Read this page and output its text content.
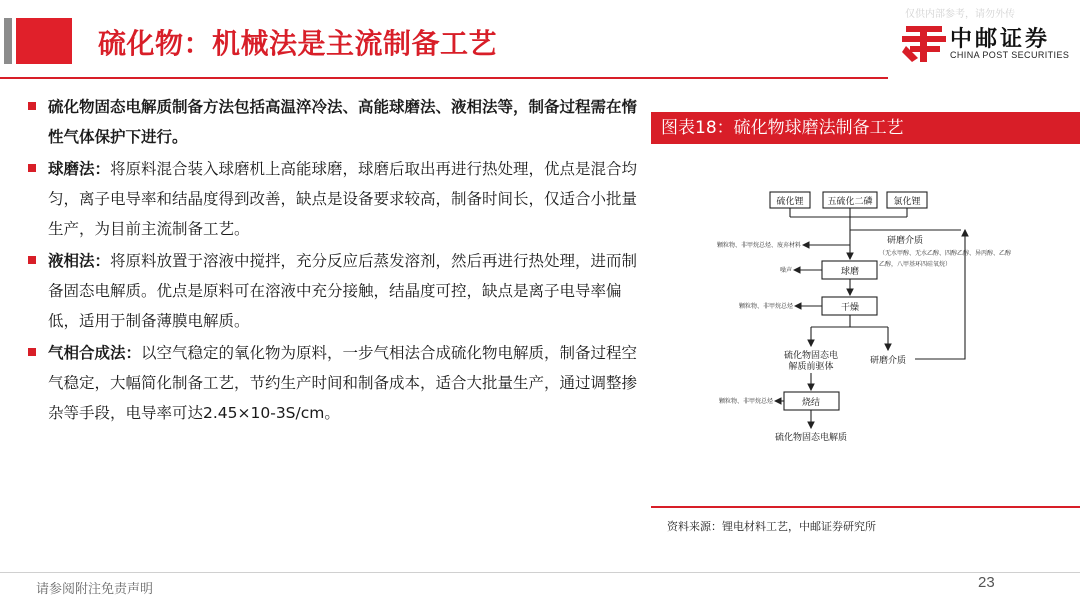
硫化物：机械法是主流制备工艺
仅供内部参考，请勿外传
中邮证券
CHINA POST SECURITIES
硫化物固态电解质制备方法包括高温淬冷法、高能球磨法、液相法等，制备过程需在惰性气体保护下进行。
球磨法：将原料混合装入球磨机上高能球磨，球磨后取出再进行热处理，优点是混合均匀，离子电导率和结晶度得到改善，缺点是设备要求较高，制备时间长，仅适合小批量生产，为目前主流制备工艺。
液相法：将原料放置于溶液中搅拌，充分反应后蒸发溶剂，然后再进行热处理，进而制备固态电解质。优点是原料可在溶液中充分接触，结晶度可控，缺点是离子电导率偏低，适用于制备薄膜电解质。
气相合成法：以空气稳定的氧化物为原料，一步气相法合成硫化物电解质，制备过程空气稳定，大幅简化制备工艺，节约生产时间和制备成本，适合大批量生产，通过调整掺杂等手段，电导率可达2.45×10-3S/cm。
图表18：硫化物球磨法制备工艺
硫化锂	五硫化二磷 氯化锂
研磨介质
球磨
干燥
硫化物固态电
解质前驱体
研磨介质
烧结
硫化物固态电解质
（无水甲醇、无水乙醇、四醇乙醇、异丙醇、乙醇
乙醇，八甲基环四硅氧烷）
颗粒物、非甲烷总烃、废弃材料
噪声
颗粒物、非甲烷总烃
颗粒物、非甲烷总烃
资料来源：锂电材料工艺，中邮证券研究所
请参阅附注免责声明	23
